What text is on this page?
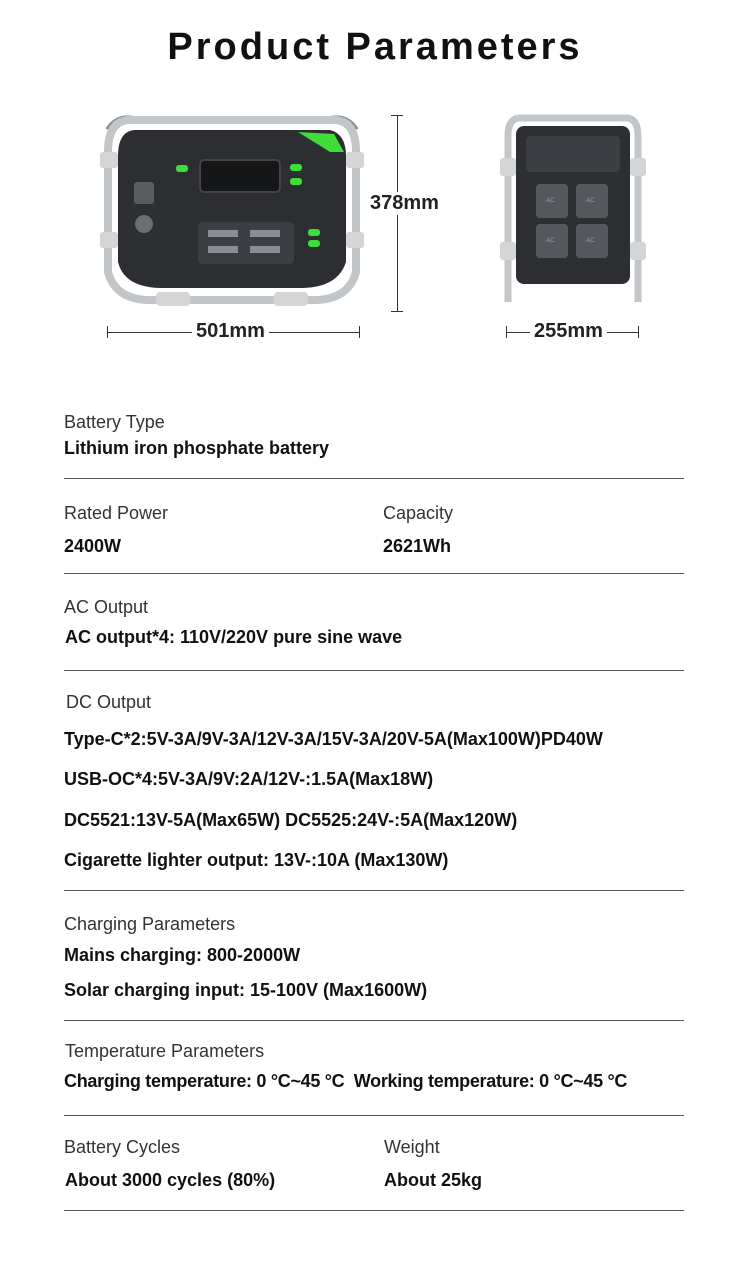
Product Parameters
AC	AC
AC	AC
378mm
501mm	255mm
Battery Type
Lithium iron phosphate battery
Rated Power
2400W
Capacity
2621Wh
AC Output
AC output*4: 110V/220V pure sine wave
DC Output
Type-C*2:5V-3A/9V-3A/12V-3A/15V-3A/20V-5A(Max100W)PD40W
USB-OC*4:5V-3A/9V:2A/12V-:1.5A(Max18W)
DC5521:13V-5A(Max65W) DC5525:24V-:5A(Max120W)
Cigarette lighter output: 13V-:10A (Max130W)
Charging Parameters
Mains charging: 800-2000W
Solar charging input: 15-100V (Max1600W)
Temperature Parameters
Charging temperature: 0 °C~45 °C  Working temperature: 0 °C~45 °C
Battery Cycles
About 3000 cycles (80%)
Weight
About 25kg
